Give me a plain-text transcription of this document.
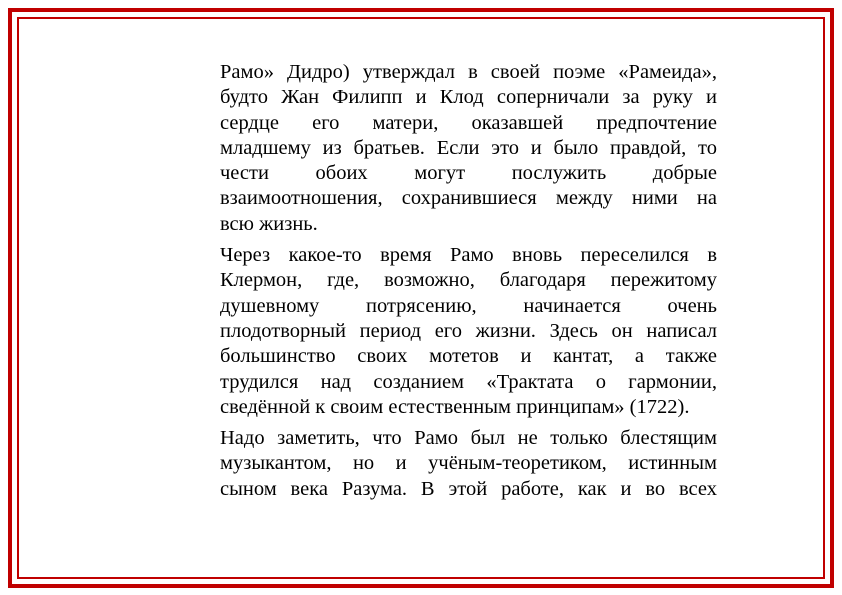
Рамо» Дидро) утверждал в своей поэме «Рамеида»,
будто Жан Филипп и Клод соперничали за руку и
сердце его матери, оказавшей предпочтение
младшему из братьев. Если это и было правдой, то
чести обоих могут послужить добрые
взаимоотношения, сохранившиеся между ними на
всю жизнь.

Через какое-то время Рамо вновь переселился в
Клермон, где, возможно, благодаря пережитому
душевному потрясению, начинается очень
плодотворный период его жизни. Здесь он написал
большинство своих мотетов и кантат, а также
трудился над созданием «Трактата о гармонии,
сведённой к своим естественным принципам» (1722).

Надо заметить, что Рамо был не только блестящим
музыкантом, но и учёным-теоретиком, истинным
сыном века Разума. В этой работе, как и во всех
